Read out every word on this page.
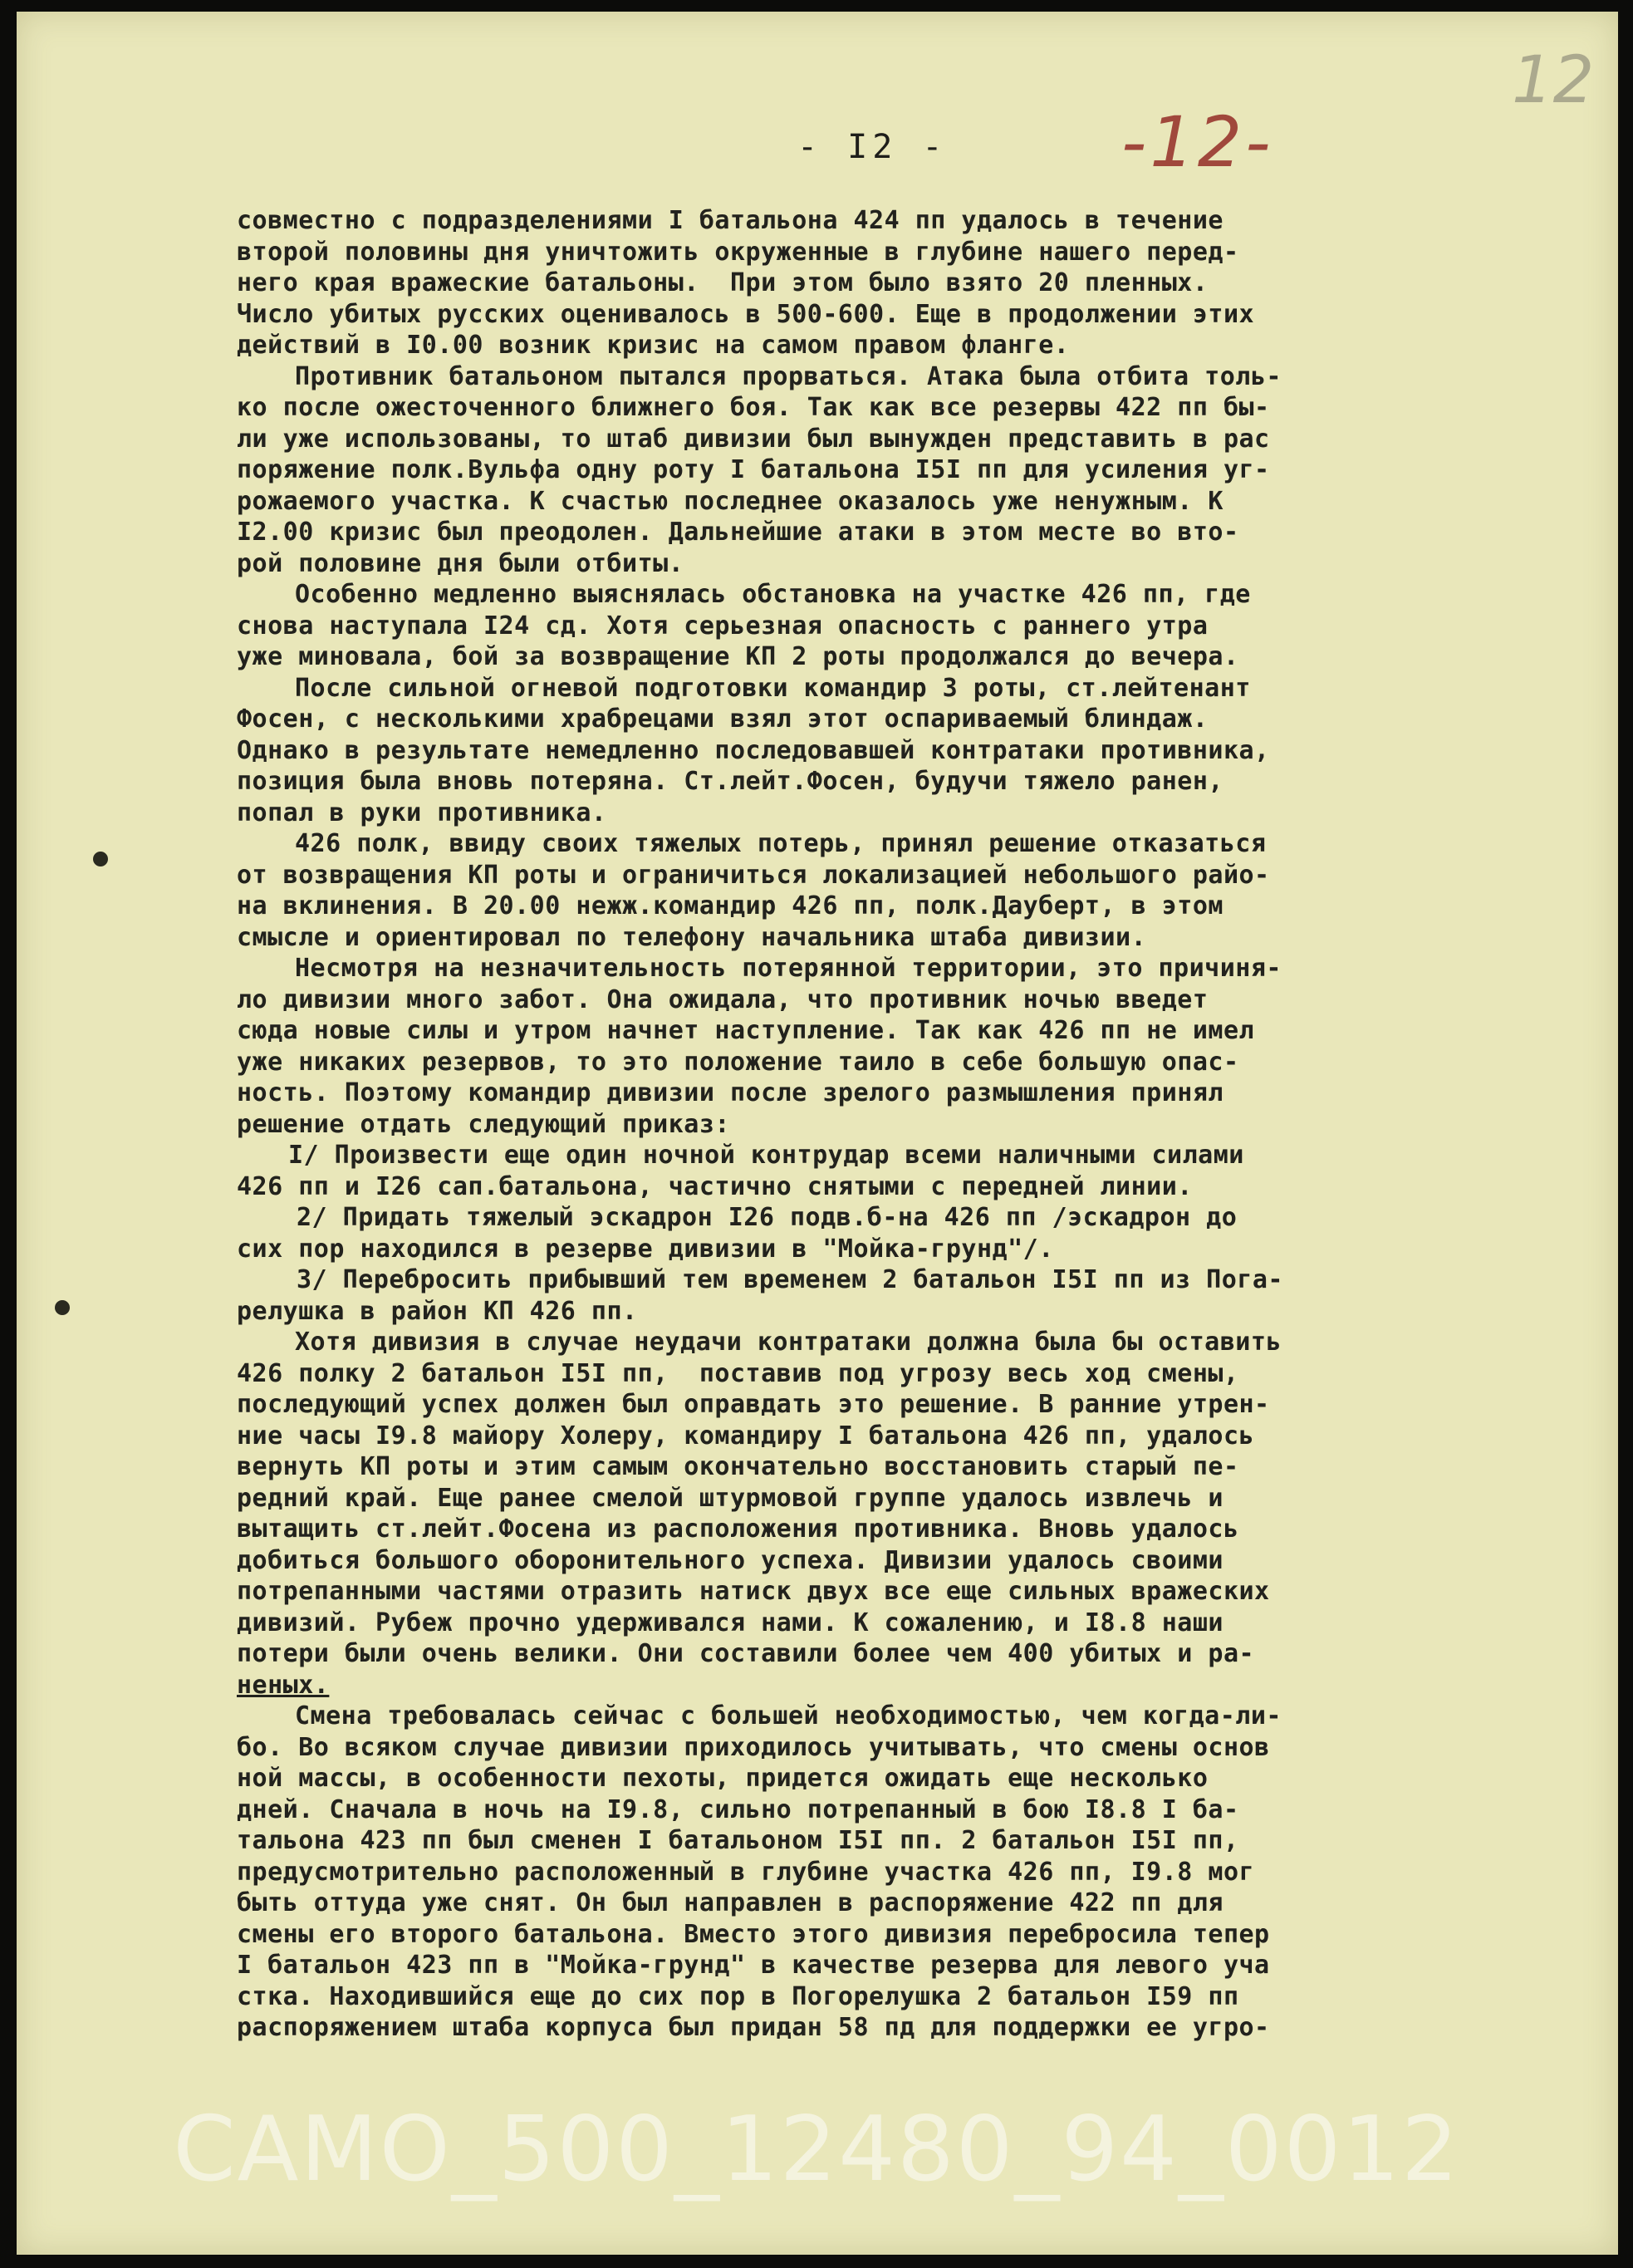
12
-12-
- I2 -
совместно с подразделениями I батальона 424 пп удалось в течение
второй половины дня уничтожить окруженные в глубине нашего перед-
него края вражеские батальоны.  При этом было взято 20 пленных.
Число убитых русских оценивалось в 500-600. Еще в продолжении этих
действий в I0.00 возник кризис на самом правом фланге.
Противник батальоном пытался прорваться. Атака была отбита толь-
ко после ожесточенного ближнего боя. Так как все резервы 422 пп бы-
ли уже использованы, то штаб дивизии был вынужден представить в рас
поряжение полк.Вульфа одну роту I батальона I5I пп для усиления уг-
рожаемого участка. К счастью последнее оказалось уже ненужным. К
I2.00 кризис был преодолен. Дальнейшие атаки в этом месте во вто-
рой половине дня были отбиты.
Особенно медленно выяснялась обстановка на участке 426 пп, где
снова наступала I24 сд. Хотя серьезная опасность с раннего утра
уже миновала, бой за возвращение КП 2 роты продолжался до вечера.
После сильной огневой подготовки командир 3 роты, ст.лейтенант
Фосен, с несколькими храбрецами взял этот оспариваемый блиндаж.
Однако в результате немедленно последовавшей контратаки противника,
позиция была вновь потеряна. Ст.лейт.Фосен, будучи тяжело ранен,
попал в руки противника.
426 полк, ввиду своих тяжелых потерь, принял решение отказаться
от возвращения КП роты и ограничиться локализацией небольшого райо-
на вклинения. В 20.00 нежж.командир 426 пп, полк.Дауберт, в этом
смысле и ориентировал по телефону начальника штаба дивизии.
Несмотря на незначительность потерянной территории, это причиня-
ло дивизии много забот. Она ожидала, что противник ночью введет
сюда новые силы и утром начнет наступление. Так как 426 пп не имел
уже никаких резервов, то это положение таило в себе большую опас-
ность. Поэтому командир дивизии после зрелого размышления принял
решение отдать следующий приказ:
I/ Произвести еще один ночной контрудар всеми наличными силами
426 пп и I26 сап.батальона, частично снятыми с передней линии.
2/ Придать тяжелый эскадрон I26 подв.б-на 426 пп /эскадрон до
сих пор находился в резерве дивизии в "Мойка-грунд"/.
3/ Перебросить прибывший тем временем 2 батальон I5I пп из Пога-
релушка в район КП 426 пп.
Хотя дивизия в случае неудачи контратаки должна была бы оставить
426 полку 2 батальон I5I пп,  поставив под угрозу весь ход смены,
последующий успех должен был оправдать это решение. В ранние утрен-
ние часы I9.8 майору Холеру, командиру I батальона 426 пп, удалось
вернуть КП роты и этим самым окончательно восстановить старый пе-
редний край. Еще ранее смелой штурмовой группе удалось извлечь и
вытащить ст.лейт.Фосена из расположения противника. Вновь удалось
добиться большого оборонительного успеха. Дивизии удалось своими
потрепанными частями отразить натиск двух все еще сильных вражеских
дивизий. Рубеж прочно удерживался нами. К сожалению, и I8.8 наши
потери были очень велики. Они составили более чем 400 убитых и ра-
неных.
Смена требовалась сейчас с большей необходимостью, чем когда-ли-
бо. Во всяком случае дивизии приходилось учитывать, что смены основ
ной массы, в особенности пехоты, придется ожидать еще несколько
дней. Сначала в ночь на I9.8, сильно потрепанный в бою I8.8 I ба-
тальона 423 пп был сменен I батальоном I5I пп. 2 батальон I5I пп,
предусмотрительно расположенный в глубине участка 426 пп, I9.8 мог
быть оттуда уже снят. Он был направлен в распоряжение 422 пп для
смены его второго батальона. Вместо этого дивизия перебросила тепер
I батальон 423 пп в "Мойка-грунд" в качестве резерва для левого уча
стка. Находившийся еще до сих пор в Погорелушка 2 батальон I59 пп
распоряжением штаба корпуса был придан 58 пд для поддержки ее угро-
CAMO_500_12480_94_0012
